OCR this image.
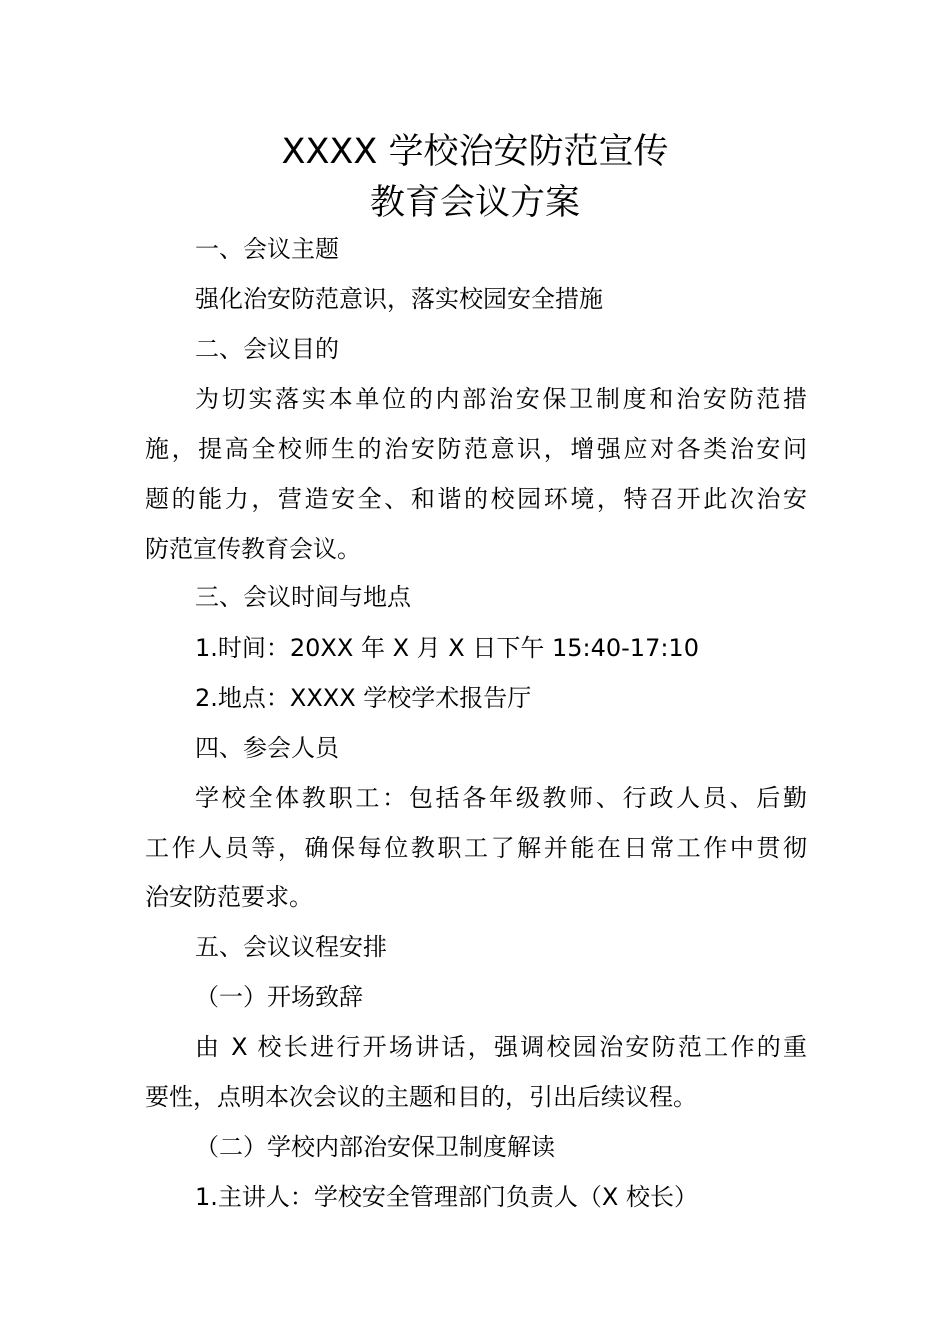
XXXX 学校治安防范宣传
教育会议方案

一、会议主题

强化治安防范意识，落实校园安全措施

二、会议目的

为切实落实本单位的内部治安保卫制度和治安防范措

施，提高全校师生的治安防范意识，增强应对各类治安问

题的能力，营造安全、和谐的校园环境，特召开此次治安

防范宣传教育会议。

三、会议时间与地点

1.时间：20XX 年 X 月 X 日下午 15:40-17:10

2.地点：XXXX 学校学术报告厅

四、参会人员

学校全体教职工：包括各年级教师、行政人员、后勤

工作人员等，确保每位教职工了解并能在日常工作中贯彻

治安防范要求。

五、会议议程安排

（一）开场致辞

由 X 校长进行开场讲话，强调校园治安防范工作的重

要性，点明本次会议的主题和目的，引出后续议程。

（二）学校内部治安保卫制度解读

1.主讲人：学校安全管理部门负责人（X 校长）
